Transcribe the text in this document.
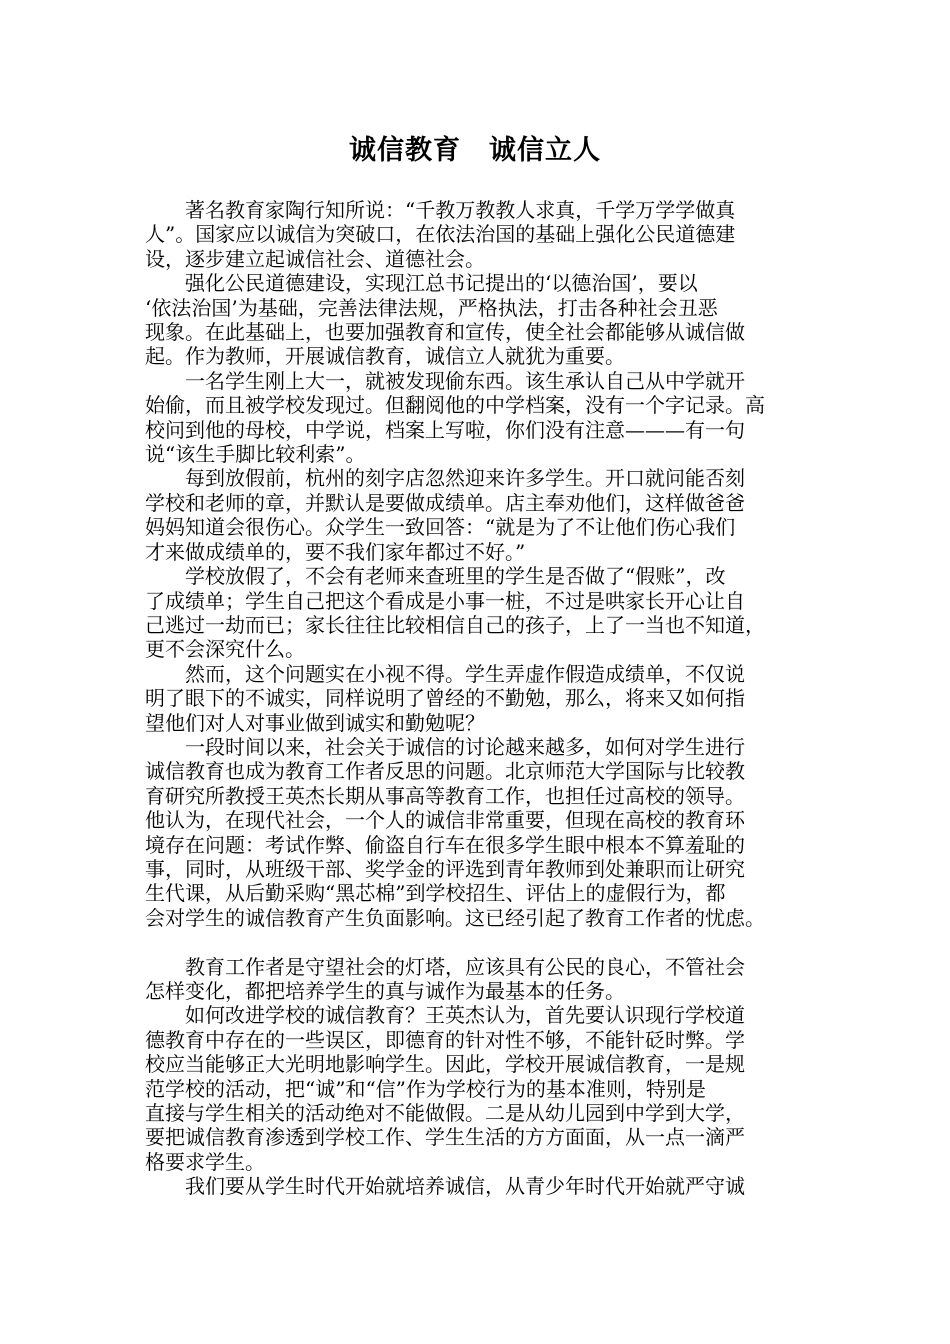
诚信教育　诚信立人
著名教育家陶行知所说：“千教万教教人求真，千学万学学做真
人”。国家应以诚信为突破口，在依法治国的基础上强化公民道德建
设，逐步建立起诚信社会、道德社会。
强化公民道德建设，实现江总书记提出的‘以德治国’，要以
‘依法治国’为基础，完善法律法规，严格执法，打击各种社会丑恶
现象。在此基础上，也要加强教育和宣传，使全社会都能够从诚信做
起。作为教师，开展诚信教育，诚信立人就犹为重要。
一名学生刚上大一，就被发现偷东西。该生承认自己从中学就开
始偷，而且被学校发现过。但翻阅他的中学档案，没有一个字记录。高
校问到他的母校，中学说，档案上写啦，你们没有注意———有一句
说“该生手脚比较利索”。
每到放假前，杭州的刻字店忽然迎来许多学生。开口就问能否刻
学校和老师的章，并默认是要做成绩单。店主奉劝他们，这样做爸爸
妈妈知道会很伤心。众学生一致回答：“就是为了不让他们伤心我们
才来做成绩单的，要不我们家年都过不好。”
学校放假了，不会有老师来查班里的学生是否做了“假账”，改
了成绩单；学生自己把这个看成是小事一桩，不过是哄家长开心让自
己逃过一劫而已；家长往往比较相信自己的孩子，上了一当也不知道，
更不会深究什么。
然而，这个问题实在小视不得。学生弄虚作假造成绩单，不仅说
明了眼下的不诚实，同样说明了曾经的不勤勉，那么，将来又如何指
望他们对人对事业做到诚实和勤勉呢？
一段时间以来，社会关于诚信的讨论越来越多，如何对学生进行
诚信教育也成为教育工作者反思的问题。北京师范大学国际与比较教
育研究所教授王英杰长期从事高等教育工作，也担任过高校的领导。
他认为，在现代社会，一个人的诚信非常重要，但现在高校的教育环
境存在问题：考试作弊、偷盗自行车在很多学生眼中根本不算羞耻的
事，同时，从班级干部、奖学金的评选到青年教师到处兼职而让研究
生代课，从后勤采购“黑芯棉”到学校招生、评估上的虚假行为，都
会对学生的诚信教育产生负面影响。这已经引起了教育工作者的忧虑。
教育工作者是守望社会的灯塔，应该具有公民的良心，不管社会
怎样变化，都把培养学生的真与诚作为最基本的任务。
如何改进学校的诚信教育？王英杰认为，首先要认识现行学校道
德教育中存在的一些误区，即德育的针对性不够，不能针砭时弊。学
校应当能够正大光明地影响学生。因此，学校开展诚信教育，一是规
范学校的活动，把“诚”和“信”作为学校行为的基本准则，特别是
直接与学生相关的活动绝对不能做假。二是从幼儿园到中学到大学，
要把诚信教育渗透到学校工作、学生生活的方方面面，从一点一滴严
格要求学生。
我们要从学生时代开始就培养诚信，从青少年时代开始就严守诚
